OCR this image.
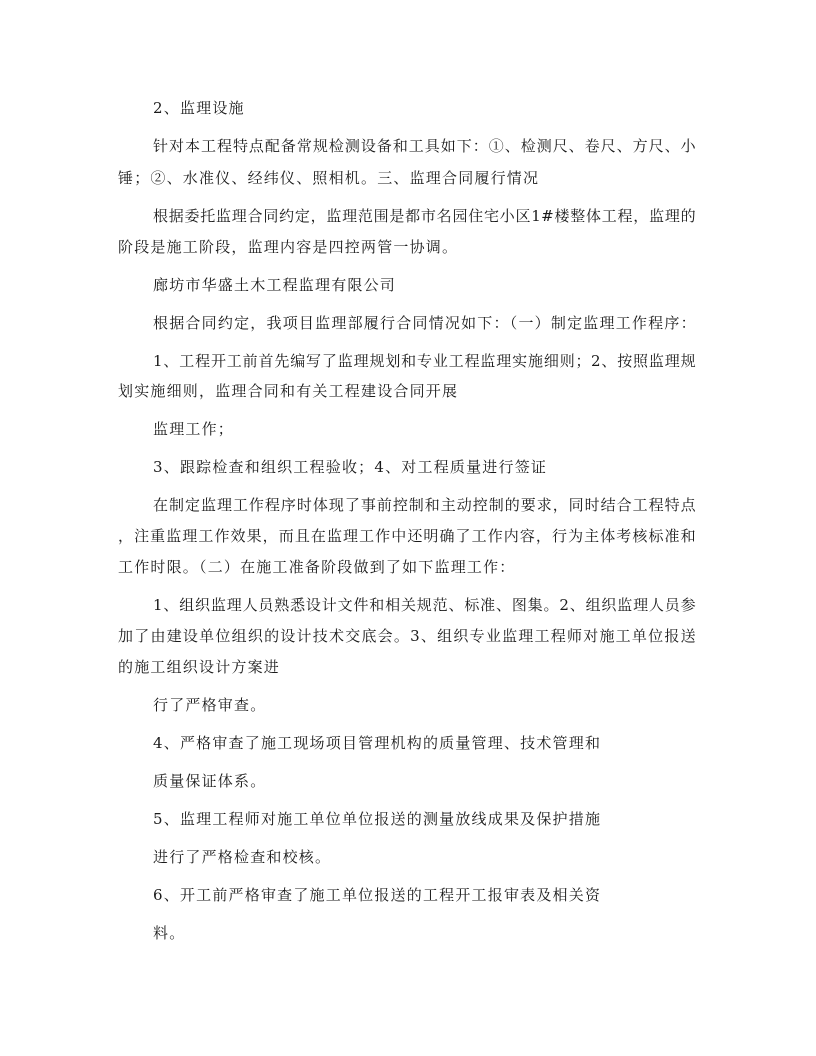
2、监理设施
针对本工程特点配备常规检测设备和工具如下：①、检测尺、卷尺、方尺、小
锤；②、水准仪、经纬仪、照相机。三、监理合同履行情况
根据委托监理合同约定，监理范围是都市名园住宅小区1#楼整体工程，监理的
阶段是施工阶段，监理内容是四控两管一协调。
廊坊市华盛土木工程监理有限公司
根据合同约定，我项目监理部履行合同情况如下：（一）制定监理工作程序：
1、工程开工前首先编写了监理规划和专业工程监理实施细则；2、按照监理规
划实施细则，监理合同和有关工程建设合同开展
监理工作；
3、跟踪检查和组织工程验收；4、对工程质量进行签证
在制定监理工作程序时体现了事前控制和主动控制的要求，同时结合工程特点
，注重监理工作效果，而且在监理工作中还明确了工作内容，行为主体考核标准和
工作时限。（二）在施工准备阶段做到了如下监理工作：
1、组织监理人员熟悉设计文件和相关规范、标准、图集。2、组织监理人员参
加了由建设单位组织的设计技术交底会。3、组织专业监理工程师对施工单位报送
的施工组织设计方案进
行了严格审查。
4、严格审查了施工现场项目管理机构的质量管理、技术管理和
质量保证体系。
5、监理工程师对施工单位单位报送的测量放线成果及保护措施
进行了严格检查和校核。
6、开工前严格审查了施工单位报送的工程开工报审表及相关资
料。
